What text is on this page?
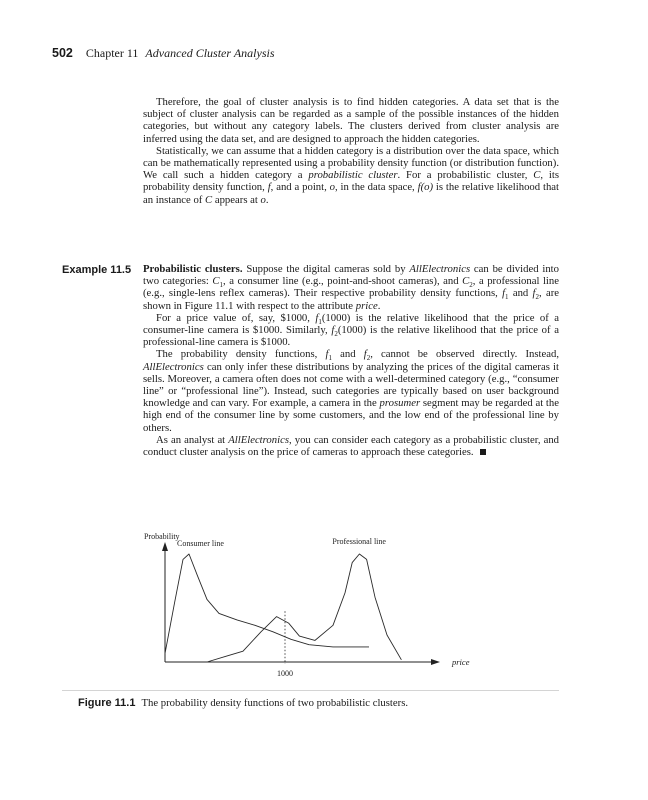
502 Chapter 11 Advanced Cluster Analysis

Therefore, the goal of cluster analysis is to find hidden categories. A data set that is the subject of cluster analysis can be regarded as a sample of the possible instances of the hidden categories, but without any category labels. The clusters derived from cluster analysis are inferred using the data set, and are designed to approach the hidden categories.

Statistically, we can assume that a hidden category is a distribution over the data space, which can be mathematically represented using a probability density function (or distribution function). We call such a hidden category a probabilistic cluster. For a probabilistic cluster, C, its probability density function, f, and a point, o, in the data space, f(o) is the relative likelihood that an instance of C appears at o.

Example 11.5 Probabilistic clusters. Suppose the digital cameras sold by AllElectronics can be divided into two categories: $C_1$, a consumer line (e.g., point-and-shoot cameras), and $C_2$, a professional line (e.g., single-lens reflex cameras). Their respective probability density functions, $f_1$ and $f_2$, are shown in Figure 11.1 with respect to the attribute price.

For a price value of, say, $1000, $f_1(1000)$ is the relative likelihood that the price of a consumer-line camera is $1000. Similarly, $f_2(1000)$ is the relative likelihood that the price of a professional-line camera is $1000.

The probability density functions, $f_1$ and $f_2$, cannot be observed directly. Instead, AllElectronics can only infer these distributions by analyzing the prices of the digital cameras it sells. Moreover, a camera often does not come with a well-determined category (e.g., “consumer line” or “professional line”). Instead, such categories are typically based on user background knowledge and can vary. For example, a camera in the prosumer segment may be regarded at the high end of the consumer line by some customers, and the low end of the professional line by others.

As an analyst at AllElectronics, you can consider each category as a probabilistic cluster, and conduct cluster analysis on the price of cameras to approach these categories.

Probability
price
1000
Consumer line	Professional line
Figure 11.1 The probability density functions of two probabilistic clusters.
